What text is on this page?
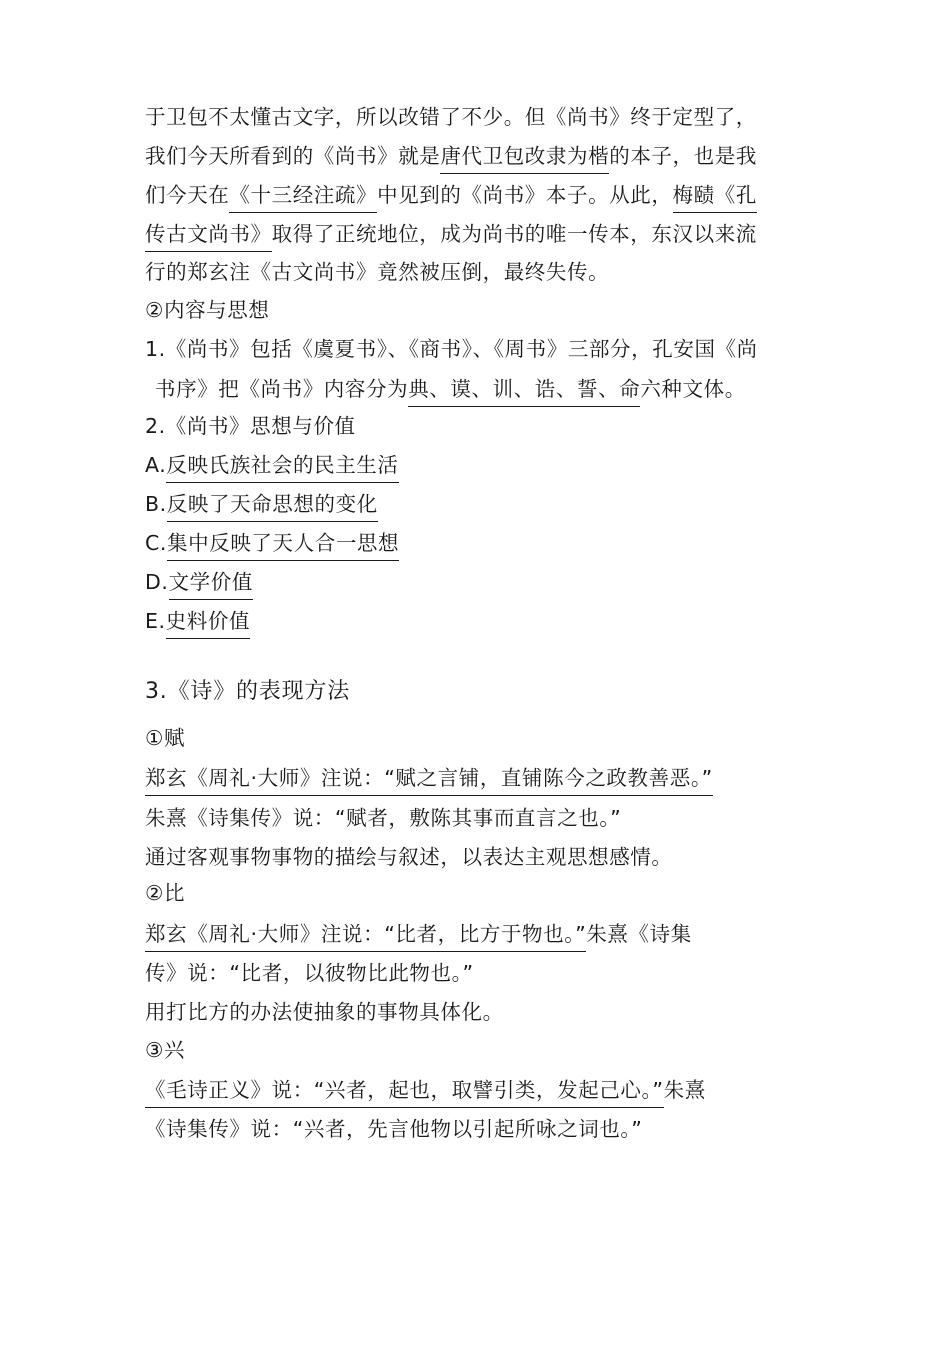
于卫包不太懂古文字，所以改错了不少。但《尚书》终于定型了，
我们今天所看到的《尚书》就是唐代卫包改隶为楷的本子，也是我
们今天在《十三经注疏》中见到的《尚书》本子。从此，梅赜《孔
传古文尚书》取得了正统地位，成为尚书的唯一传本，东汉以来流
行的郑玄注《古文尚书》竟然被压倒，最终失传。
②内容与思想
1.《尚书》包括《虞夏书》、《商书》、《周书》三部分，孔安国《尚
书序》把《尚书》内容分为典、谟、训、诰、誓、命六种文体。
2.《尚书》思想与价值
A.反映氏族社会的民主生活
B.反映了天命思想的变化
C.集中反映了天人合一思想
D.文学价值
E.史料价值
3.《诗》的表现方法
①赋
郑玄《周礼·大师》注说：“赋之言铺，直铺陈今之政教善恶。”
朱熹《诗集传》说：“赋者，敷陈其事而直言之也。”
通过客观事物事物的描绘与叙述，以表达主观思想感情。
②比
郑玄《周礼·大师》注说：“比者，比方于物也。”朱熹《诗集
传》说：“比者，以彼物比此物也。”
用打比方的办法使抽象的事物具体化。
③兴
《毛诗正义》说：“兴者，起也，取譬引类，发起己心。”朱熹
《诗集传》说：“兴者，先言他物以引起所咏之词也。”
